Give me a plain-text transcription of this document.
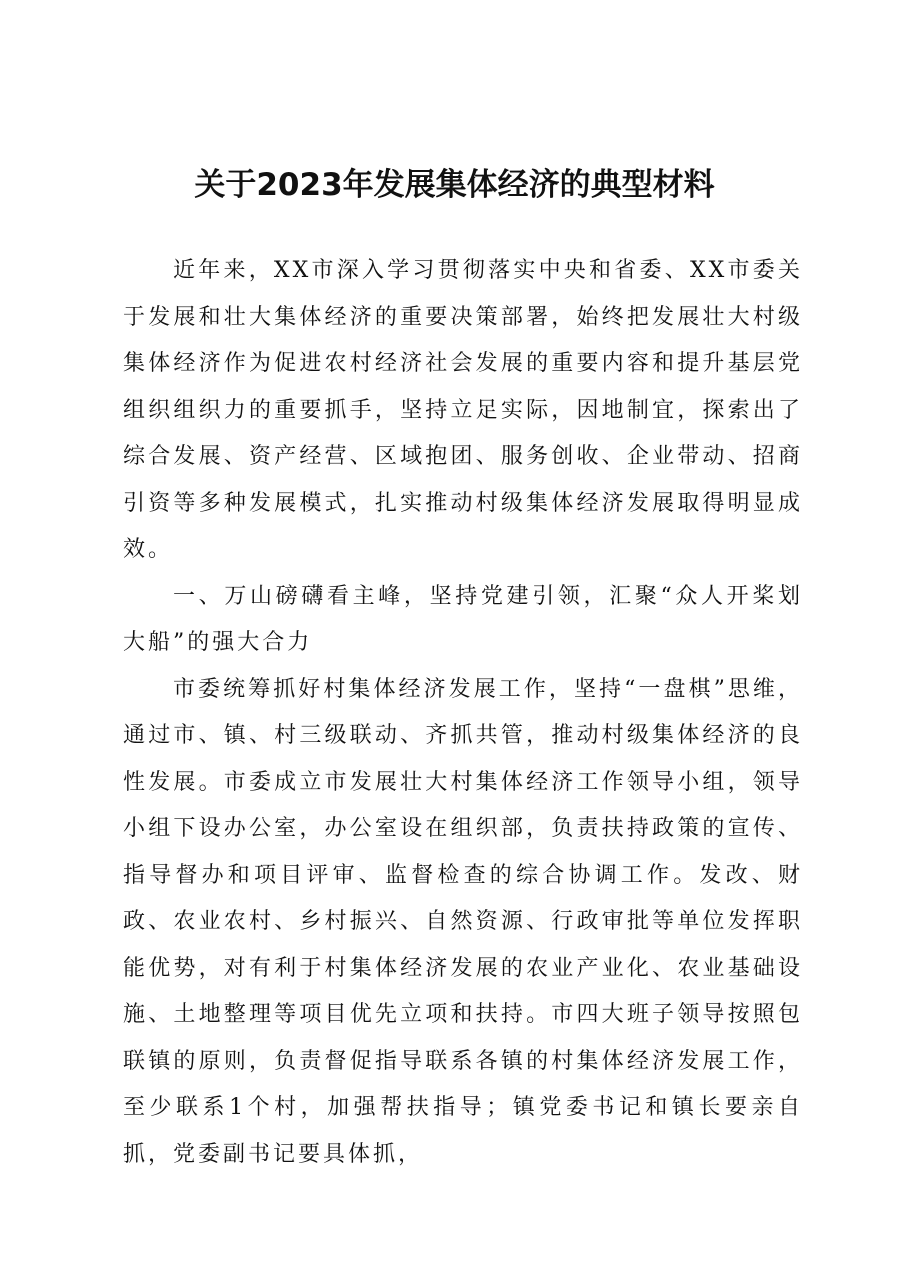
关于2023年发展集体经济的典型材料

近年来，XX市深入学习贯彻落实中央和省委、XX市委关于发展和壮大集体经济的重要决策部署，始终把发展壮大村级集体经济作为促进农村经济社会发展的重要内容和提升基层党组织组织力的重要抓手，坚持立足实际，因地制宜，探索出了综合发展、资产经营、区域抱团、服务创收、企业带动、招商引资等多种发展模式，扎实推动村级集体经济发展取得明显成效。

一、万山磅礴看主峰，坚持党建引领，汇聚“众人开桨划大船”的强大合力

市委统筹抓好村集体经济发展工作，坚持“一盘棋”思维，通过市、镇、村三级联动、齐抓共管，推动村级集体经济的良性发展。市委成立市发展壮大村集体经济工作领导小组，领导小组下设办公室，办公室设在组织部，负责扶持政策的宣传、指导督办和项目评审、监督检查的综合协调工作。发改、财政、农业农村、乡村振兴、自然资源、行政审批等单位发挥职能优势，对有利于村集体经济发展的农业产业化、农业基础设施、土地整理等项目优先立项和扶持。市四大班子领导按照包联镇的原则，负责督促指导联系各镇的村集体经济发展工作，至少联系1个村，加强帮扶指导；镇党委书记和镇长要亲自抓，党委副书记要具体抓，
